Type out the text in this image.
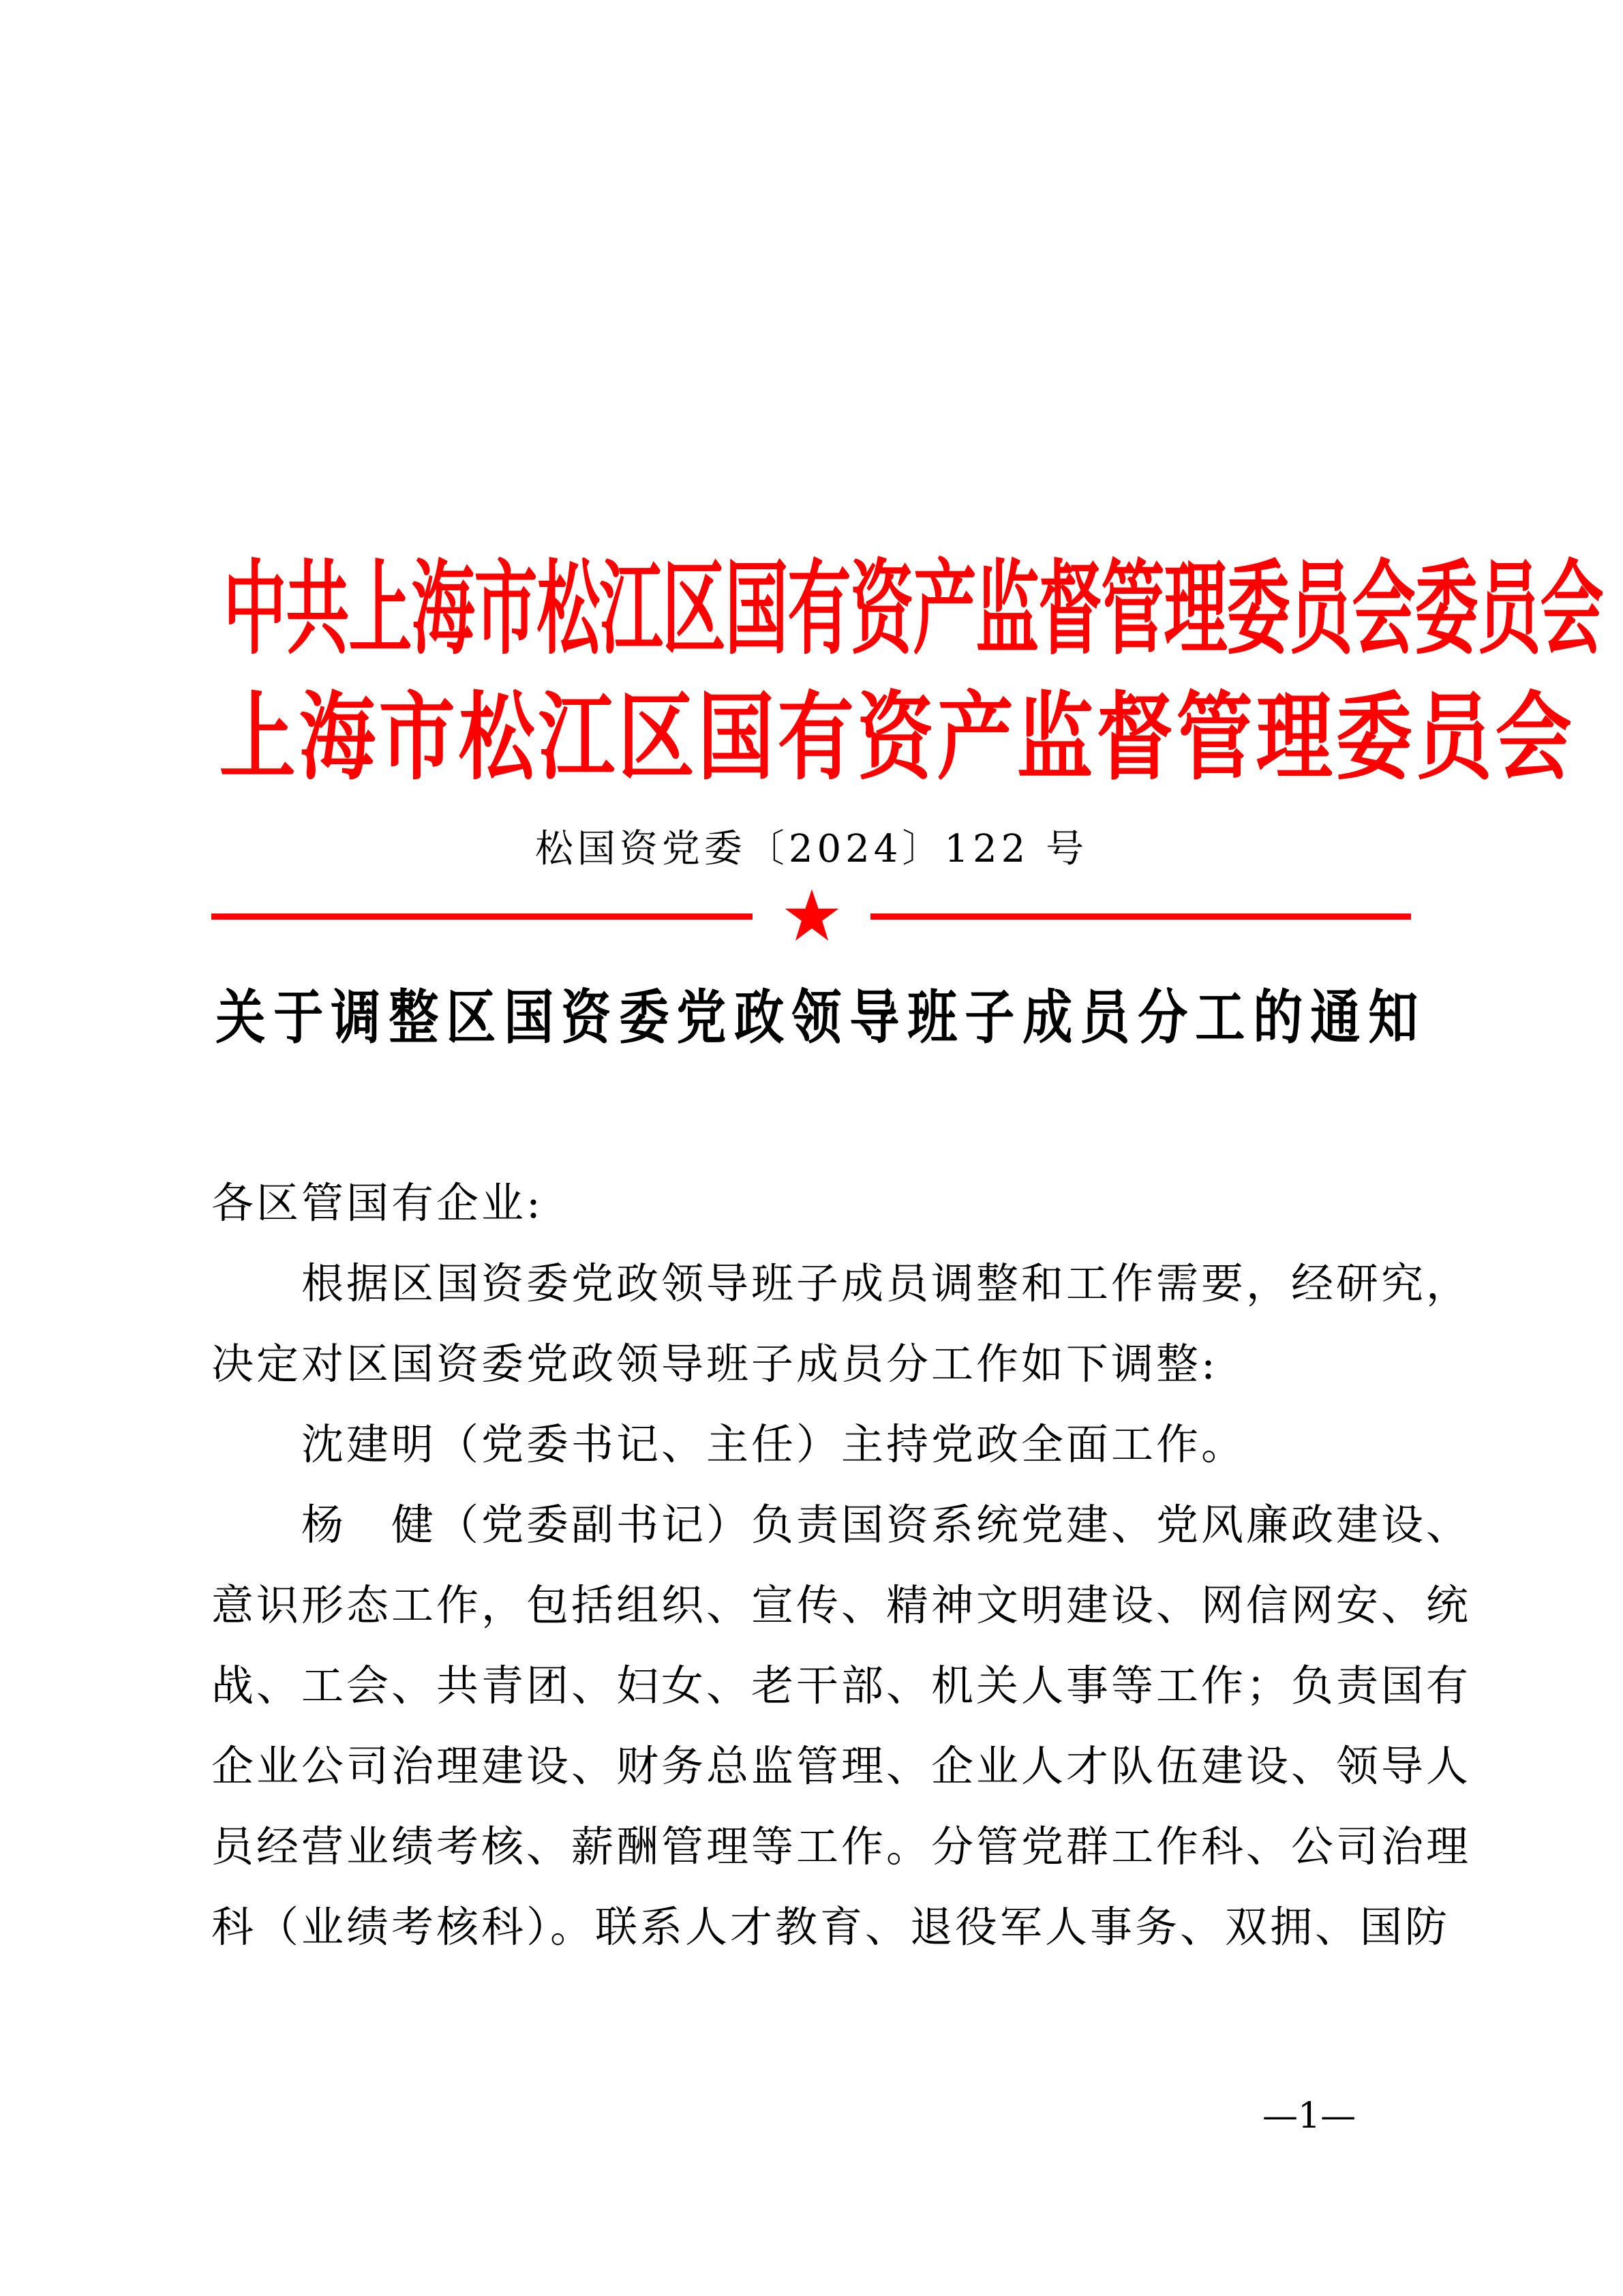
中
共
上
海
市
松
江
区
国
有
资
产
监
督
管
理
委
员
会
委
员
会
上 海 市 松 江 区 国 有 资 产 监 督 管 理 委 员 会
松国资党委〔2024〕122 号
关 于 调 整 区 国 资 委 党 政 领 导 班 子 成 员 分 工 的 通 知
各区管国有企业:
根据区国资委党政领导班子成员调整和工作需要，经研究，
决定对区国资委党政领导班子成员分工作如下调整:
沈建明（党委书记、主任）主持党政全面工作。
杨　健（党委副书记）负责国资系统党建、党风廉政建设、
意识形态工作，包括组织、宣传、精神文明建设、网信网安、统
战、工会、共青团、妇女、老干部、机关人事等工作；负责国有
企业公司治理建设、财务总监管理、企业人才队伍建设、领导人
员经营业绩考核、薪酬管理等工作。分管党群工作科、公司治理
科（业绩考核科）。联系人才教育、退役军人事务、双拥、国防
—1—
